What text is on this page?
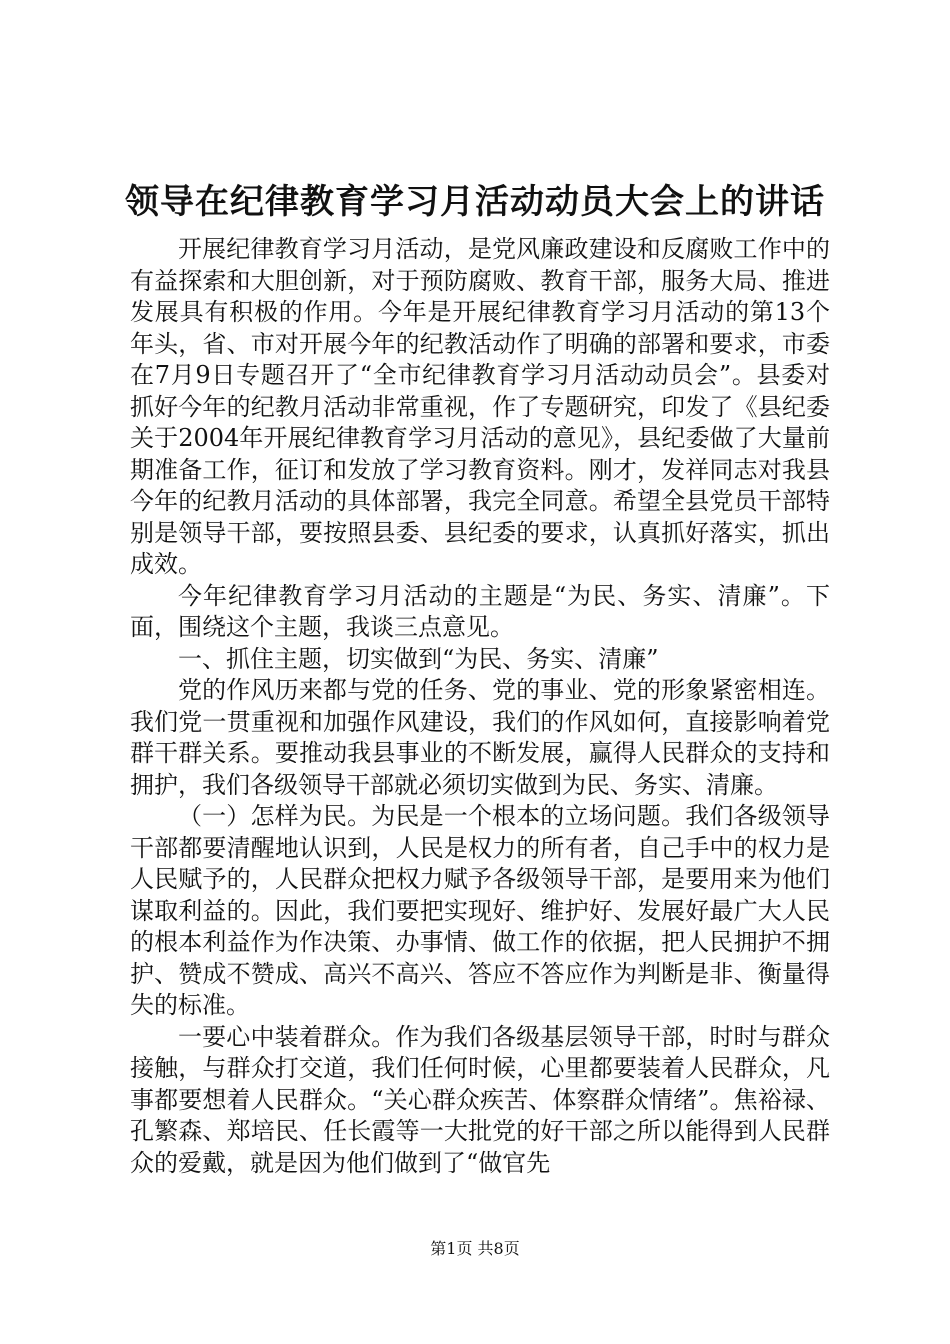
领导在纪律教育学习月活动动员大会上的讲话

开展纪律教育学习月活动，是党风廉政建设和反腐败工作中的有益探索和大胆创新，对于预防腐败、教育干部，服务大局、推进发展具有积极的作用。今年是开展纪律教育学习月活动的第13个年头，省、市对开展今年的纪教活动作了明确的部署和要求，市委在7月9日专题召开了“全市纪律教育学习月活动动员会”。县委对抓好今年的纪教月活动非常重视，作了专题研究，印发了《县纪委关于2004年开展纪律教育学习月活动的意见》，县纪委做了大量前期准备工作，征订和发放了学习教育资料。刚才，发祥同志对我县今年的纪教月活动的具体部署，我完全同意。希望全县党员干部特别是领导干部，要按照县委、县纪委的要求，认真抓好落实，抓出成效。

今年纪律教育学习月活动的主题是“为民、务实、清廉”。下面，围绕这个主题，我谈三点意见。

一、抓住主题，切实做到“为民、务实、清廉”

党的作风历来都与党的任务、党的事业、党的形象紧密相连。我们党一贯重视和加强作风建设，我们的作风如何，直接影响着党群干群关系。要推动我县事业的不断发展，赢得人民群众的支持和拥护，我们各级领导干部就必须切实做到为民、务实、清廉。

（一）怎样为民。为民是一个根本的立场问题。我们各级领导干部都要清醒地认识到，人民是权力的所有者，自己手中的权力是人民赋予的，人民群众把权力赋予各级领导干部，是要用来为他们谋取利益的。因此，我们要把实现好、维护好、发展好最广大人民的根本利益作为作决策、办事情、做工作的依据，把人民拥护不拥护、赞成不赞成、高兴不高兴、答应不答应作为判断是非、衡量得失的标准。

一要心中装着群众。作为我们各级基层领导干部，时时与群众接触，与群众打交道，我们任何时候，心里都要装着人民群众，凡事都要想着人民群众。“关心群众疾苦、体察群众情绪”。焦裕禄、孔繁森、郑培民、任长霞等一大批党的好干部之所以能得到人民群众的爱戴，就是因为他们做到了“做官先

第1页 共8页
